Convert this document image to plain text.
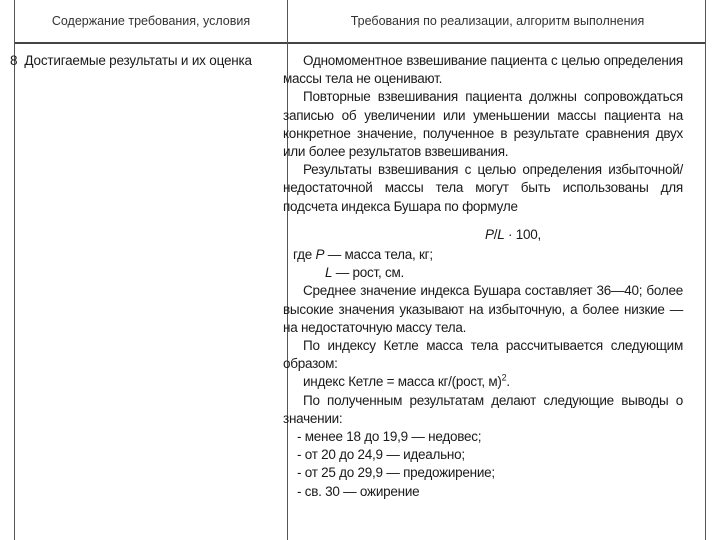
Содержание требования, условия	Требования по реализации, алгоритм выполнения
8 Достигаемые результаты и их оценка	Одномоментное взвешивание пациента с целью определения массы тела не оценивают.

Повторные взвешивания пациента должны сопровождаться записью об увеличении или уменьшении массы пациента на конкретное значение, полученное в результате сравнения двух или более результатов взвешивания.

Результаты взвешивания с целью определения избыточной/недостаточной массы тела могут быть использованы для подсчета индекса Бушара по формуле

P/L · 100,

где P — масса тела, кг;

L — рост, см.

Среднее значение индекса Бушара составляет 36—40; более высокие значения указывают на избыточную, а более низкие — на недостаточную массу тела.

По индексу Кетле масса тела рассчитывается следующим образом:

индекс Кетле = масса кг/(рост, м)$^2$.

По полученным результатам делают следующие выводы о значении:

- менее 18 до 19,9 — недовес;

- от 20 до 24,9 — идеально;

- от 25 до 29,9 — предожирение;

- св. 30 — ожирение
